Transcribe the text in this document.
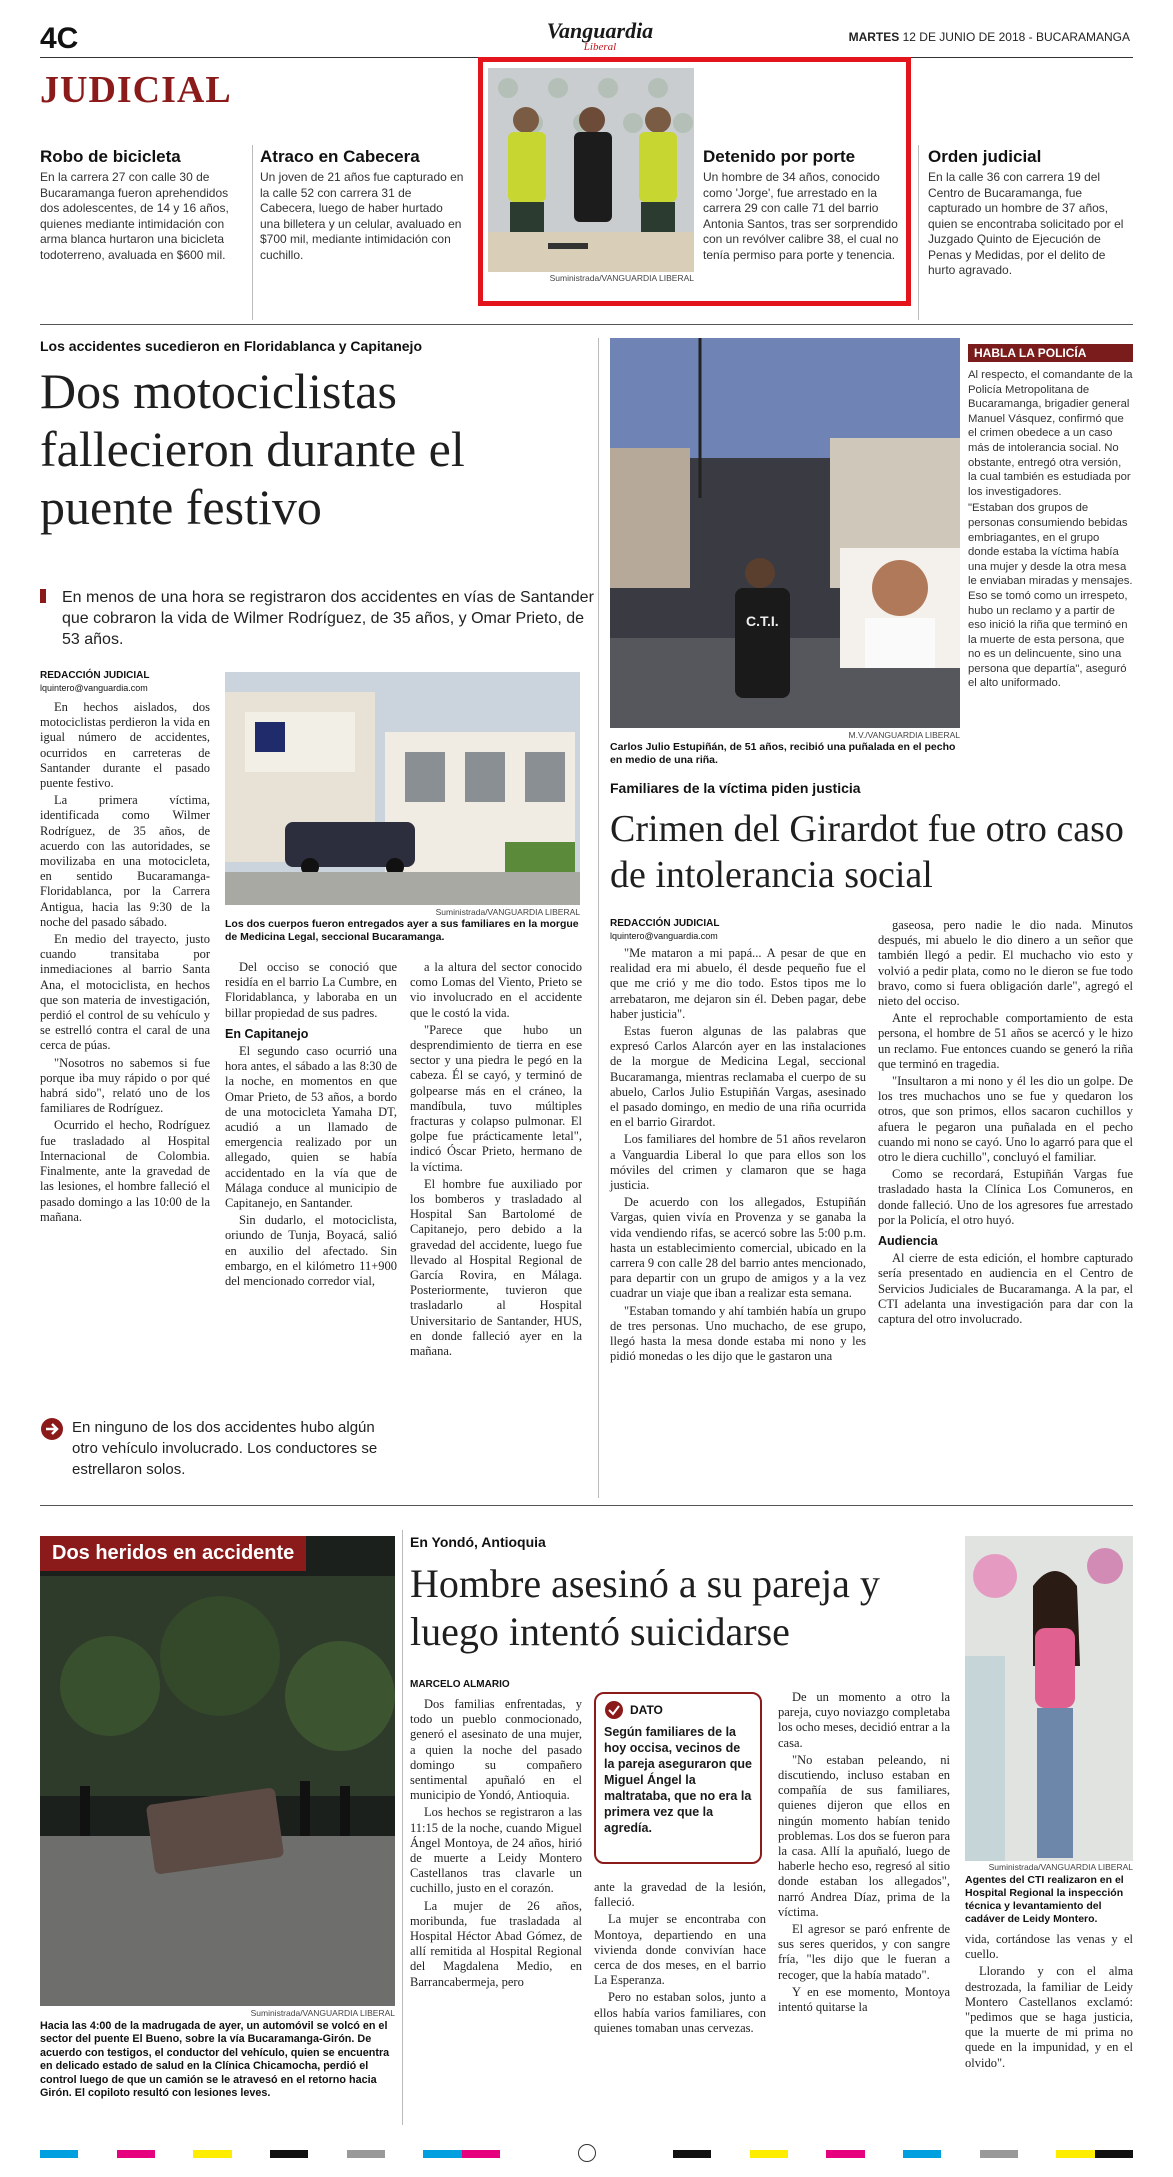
4C	Vanguardia
Liberal
MARTES 12 DE JUNIO DE 2018 - BUCARAMANGA
JUDICIAL
Robo de bicicleta
En la carrera 27 con calle 30 de Bucaramanga fueron aprehendidos dos adolescentes, de 14 y 16 años, quienes mediante intimidación con arma blanca hurtaron una bicicleta todoterreno, avaluada en $600 mil.
Atraco en Cabecera
Un joven de 21 años fue capturado en la calle 52 con carrera 31 de Cabecera, luego de haber hurtado una billetera y un celular, avaluado en $700 mil, mediante intimidación con cuchillo.
Suministrada/VANGUARDIA LIBERAL
Detenido por porte
Un hombre de 34 años, conocido como 'Jorge', fue arrestado en la carrera 29 con calle 71 del barrio Antonia Santos, tras ser sorprendido con un revólver calibre 38, el cual no tenía permiso para porte y tenencia.
Orden judicial
En la calle 36 con carrera 19 del Centro de Bucaramanga, fue capturado un hombre de 37 años, quien se encontraba solicitado por el Juzgado Quinto de Ejecución de Penas y Medidas, por el delito de hurto agravado.
Los accidentes sucedieron en Floridablanca y Capitanejo
Dos motociclistas fallecieron durante el puente festivo
En menos de una hora se registraron dos accidentes en vías de Santander que cobraron la vida de Wilmer Rodríguez, de 35 años, y Omar Prieto, de 53 años.
REDACCIÓN JUDICIAL
lquintero@vanguardia.com

En hechos aislados, dos motociclistas perdieron la vida en igual número de accidentes, ocurridos en carreteras de Santander durante el pasado puente festivo.

La primera víctima, identificada como Wilmer Rodríguez, de 35 años, de acuerdo con las autoridades, se movilizaba en una motocicleta, en sentido Bucaramanga-Floridablanca, por la Carrera Antigua, hacia las 9:30 de la noche del pasado sábado.

En medio del trayecto, justo cuando transitaba por inmediaciones al barrio Santa Ana, el motociclista, en hechos que son materia de investigación, perdió el control de su vehículo y se estrelló contra el caral de una cerca de púas.

"Nosotros no sabemos si fue porque iba muy rápido o por qué habrá sido", relató uno de los familiares de Rodríguez.

Ocurrido el hecho, Rodríguez fue trasladado al Hospital Internacional de Colombia. Finalmente, ante la gravedad de las lesiones, el hombre falleció el pasado domingo a las 10:00 de la mañana.

Suministrada/VANGUARDIA LIBERAL
Los dos cuerpos fueron entregados ayer a sus familiares en la morgue de Medicina Legal, seccional Bucaramanga.

Del occiso se conoció que residía en el barrio La Cumbre, en Floridablanca, y laboraba en un billar propiedad de sus padres.

En Capitanejo

El segundo caso ocurrió una hora antes, el sábado a las 8:30 de la noche, en momentos en que Omar Prieto, de 53 años, a bordo de una motocicleta Yamaha DT, acudió a un llamado de emergencia realizado por un allegado, quien se había accidentado en la vía que de Málaga conduce al municipio de Capitanejo, en Santander.

Sin dudarlo, el motociclista, oriundo de Tunja, Boyacá, salió en auxilio del afectado. Sin embargo, en el kilómetro 11+900 del mencionado corredor vial,

a la altura del sector conocido como Lomas del Viento, Prieto se vio involucrado en el accidente que le costó la vida.

"Parece que hubo un desprendimiento de tierra en ese sector y una piedra le pegó en la cabeza. Él se cayó, y terminó de golpearse más en el cráneo, la mandíbula, tuvo múltiples fracturas y colapso pulmonar. El golpe fue prácticamente letal", indicó Óscar Prieto, hermano de la víctima.

El hombre fue auxiliado por los bomberos y trasladado al Hospital San Bartolomé de Capitanejo, pero debido a la gravedad del accidente, luego fue llevado al Hospital Regional de García Rovira, en Málaga. Posteriormente, tuvieron que trasladarlo al Hospital Universitario de Santander, HUS, en donde falleció ayer en la mañana.

En ninguno de los dos accidentes hubo algún otro vehículo involucrado. Los conductores se estrellaron solos.
C.T.I.
M.V./VANGUARDIA LIBERAL
Carlos Julio Estupiñán, de 51 años, recibió una puñalada en el pecho en medio de una riña.
HABLA LA POLICÍA

Al respecto, el comandante de la Policía Metropolitana de Bucaramanga, brigadier general Manuel Vásquez, confirmó que el crimen obedece a un caso más de intolerancia social. No obstante, entregó otra versión, la cual también es estudiada por los investigadores.

"Estaban dos grupos de personas consumiendo bebidas embriagantes, en el grupo donde estaba la víctima había una mujer y desde la otra mesa le enviaban miradas y mensajes. Eso se tomó como un irrespeto, hubo un reclamo y a partir de eso inició la riña que terminó en la muerte de esta persona, que no es un delincuente, sino una persona que departía", aseguró el alto uniformado.

Familiares de la víctima piden justicia
Crimen del Girardot fue otro caso de intolerancia social
REDACCIÓN JUDICIAL
lquintero@vanguardia.com

"Me mataron a mi papá... A pesar de que en realidad era mi abuelo, él desde pequeño fue el que me crió y me dio todo. Estos tipos me lo arrebataron, me dejaron sin él. Deben pagar, debe haber justicia".

Estas fueron algunas de las palabras que expresó Carlos Alarcón ayer en las instalaciones de la morgue de Medicina Legal, seccional Bucaramanga, mientras reclamaba el cuerpo de su abuelo, Carlos Julio Estupiñán Vargas, asesinado el pasado domingo, en medio de una riña ocurrida en el barrio Girardot.

Los familiares del hombre de 51 años revelaron a Vanguardia Liberal lo que para ellos son los móviles del crimen y clamaron que se haga justicia.

De acuerdo con los allegados, Estupiñán Vargas, quien vivía en Provenza y se ganaba la vida vendiendo rifas, se acercó sobre las 5:00 p.m. hasta un establecimiento comercial, ubicado en la carrera 9 con calle 28 del barrio antes mencionado, para departir con un grupo de amigos y a la vez cuadrar un viaje que iban a realizar esta semana.

"Estaban tomando y ahí también había un grupo de tres personas. Uno muchacho, de ese grupo, llegó hasta la mesa donde estaba mi nono y les pidió monedas o les dijo que le gastaron una

gaseosa, pero nadie le dio nada. Minutos después, mi abuelo le dio dinero a un señor que también llegó a pedir. El muchacho vio esto y volvió a pedir plata, como no le dieron se fue todo bravo, como si fuera obligación darle", agregó el nieto del occiso.

Ante el reprochable comportamiento de esta persona, el hombre de 51 años se acercó y le hizo un reclamo. Fue entonces cuando se generó la riña que terminó en tragedia.

"Insultaron a mi nono y él les dio un golpe. De los tres muchachos uno se fue y quedaron los otros, que son primos, ellos sacaron cuchillos y afuera le pegaron una puñalada en el pecho cuando mi nono se cayó. Uno lo agarró para que el otro le diera cuchillo", concluyó el familiar.

Como se recordará, Estupiñán Vargas fue trasladado hasta la Clínica Los Comuneros, en donde falleció. Uno de los agresores fue arrestado por la Policía, el otro huyó.

Audiencia

Al cierre de esta edición, el hombre capturado sería presentado en audiencia en el Centro de Servicios Judiciales de Bucaramanga. A la par, el CTI adelanta una investigación para dar con la captura del otro involucrado.

Dos heridos en accidente
Suministrada/VANGUARDIA LIBERAL
Hacia las 4:00 de la madrugada de ayer, un automóvil se volcó en el sector del puente El Bueno, sobre la vía Bucaramanga-Girón. De acuerdo con testigos, el conductor del vehículo, quien se encuentra en delicado estado de salud en la Clínica Chicamocha, perdió el control luego de que un camión se le atravesó en el retorno hacia Girón. El copiloto resultó con lesiones leves.
En Yondó, Antioquia
Hombre asesinó a su pareja y luego intentó suicidarse
MARCELO ALMARIO

Dos familias enfrentadas, y todo un pueblo conmocionado, generó el asesinato de una mujer, a quien la noche del pasado domingo su compañero sentimental apuñaló en el municipio de Yondó, Antioquia.

Los hechos se registraron a las 11:15 de la noche, cuando Miguel Ángel Montoya, de 24 años, hirió de muerte a Leidy Montero Castellanos tras clavarle un cuchillo, justo en el corazón.

La mujer de 26 años, moribunda, fue trasladada al Hospital Héctor Abad Gómez, de allí remitida al Hospital Regional del Magdalena Medio, en Barrancabermeja, pero

DATO
Según familiares de la hoy occisa, vecinos de la pareja aseguraron que Miguel Ángel la maltrataba, que no era la primera vez que la agredía.

ante la gravedad de la lesión, falleció.

La mujer se encontraba con Montoya, departiendo en una vivienda donde convivían hace cerca de dos meses, en el barrio La Esperanza.

Pero no estaban solos, junto a ellos había varios familiares, con quienes tomaban unas cervezas.

De un momento a otro la pareja, cuyo noviazgo completaba los ocho meses, decidió entrar a la casa.

"No estaban peleando, ni discutiendo, incluso estaban en compañía de sus familiares, quienes dijeron que ellos en ningún momento habían tenido problemas. Los dos se fueron para la casa. Allí la apuñaló, luego de haberle hecho eso, regresó al sitio donde estaban los allegados", narró Andrea Díaz, prima de la víctima.

El agresor se paró enfrente de sus seres queridos, y con sangre fría, "les dijo que le fueran a recoger, que la había matado".

Y en ese momento, Montoya intentó quitarse la

Suministrada/VANGUARDIA LIBERAL
Agentes del CTI realizaron en el Hospital Regional la inspección técnica y levantamiento del cadáver de Leidy Montero.

vida, cortándose las venas y el cuello.

Llorando y con el alma destrozada, la familiar de Leidy Montero Castellanos exclamó: "pedimos que se haga justicia, que la muerte de mi prima no quede en la impunidad, y en el olvido".
